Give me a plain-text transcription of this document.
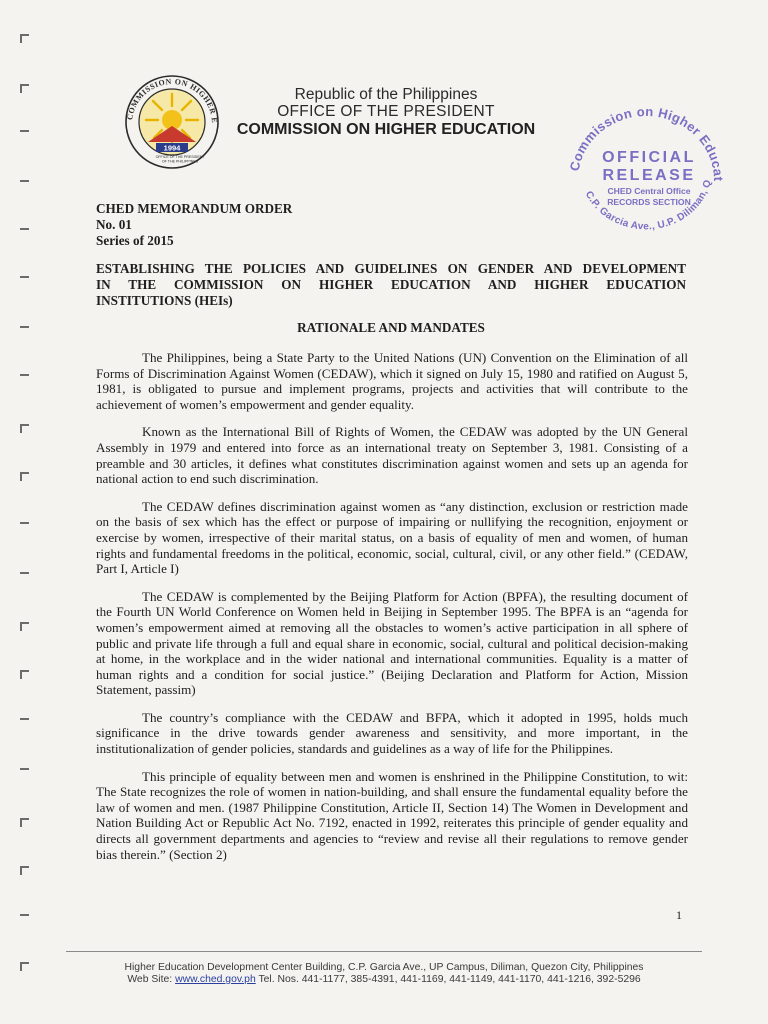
COMMISSION ON HIGHER E
1994
OFFICE OF THE PRESIDENT
OF THE PHILIPPINES
Republic of the Philippines
OFFICE OF THE PRESIDENT
COMMISSION ON HIGHER EDUCATION
Commission on Higher Educat
C.P. Garcia Ave., U.P. Diliman, Q
OFFICIAL
RELEASE
CHED Central Office
RECORDS SECTION
CHED MEMORANDUM ORDER
No. 01
Series of 2015
ESTABLISHING THE POLICIES AND GUIDELINES ON GENDER AND DEVELOPMENT
IN THE COMMISSION ON HIGHER EDUCATION AND HIGHER EDUCATION
INSTITUTIONS (HEIs)
RATIONALE AND MANDATES

The Philippines, being a State Party to the United Nations (UN) Convention on the Elimination of all Forms of Discrimination Against Women (CEDAW), which it signed on July 15, 1980 and ratified on August 5, 1981, is obligated to pursue and implement programs, projects and activities that will contribute to the achievement of women’s empowerment and gender equality.

Known as the International Bill of Rights of Women, the CEDAW was adopted by the UN General Assembly in 1979 and entered into force as an international treaty on September 3, 1981. Consisting of a preamble and 30 articles, it defines what constitutes discrimination against women and sets up an agenda for national action to end such discrimination.

The CEDAW defines discrimination against women as “any distinction, exclusion or restriction made on the basis of sex which has the effect or purpose of impairing or nullifying the recognition, enjoyment or exercise by women, irrespective of their marital status, on a basis of equality of men and women, of human rights and fundamental freedoms in the political, economic, social, cultural, civil, or any other field.” (CEDAW, Part I, Article I)

The CEDAW is complemented by the Beijing Platform for Action (BPFA), the resulting document of the Fourth UN World Conference on Women held in Beijing in September 1995. The BPFA is an “agenda for women’s empowerment aimed at removing all the obstacles to women’s active participation in all sphere of public and private life through a full and equal share in economic, social, cultural and political decision-making at home, in the workplace and in the wider national and international communities. Equality is a matter of human rights and a condition for social justice.” (Beijing Declaration and Platform for Action, Mission Statement, passim)

The country’s compliance with the CEDAW and BFPA, which it adopted in 1995, holds much significance in the drive towards gender awareness and sensitivity, and more important, in the institutionalization of gender policies, standards and guidelines as a way of life for the Philippines.

This principle of equality between men and women is enshrined in the Philippine Constitution, to wit: The State recognizes the role of women in nation-building, and shall ensure the fundamental equality before the law of women and men. (1987 Philippine Constitution, Article II, Section 14) The Women in Development and Nation Building Act or Republic Act No. 7192, enacted in 1992, reiterates this principle of gender equality and directs all government departments and agencies to “review and revise all their regulations to remove gender bias therein.” (Section 2)

1
Higher Education Development Center Building, C.P. Garcia Ave., UP Campus, Diliman, Quezon City, Philippines
Web Site: www.ched.gov.ph Tel. Nos. 441-1177, 385-4391, 441-1169, 441-1149, 441-1170, 441-1216, 392-5296
